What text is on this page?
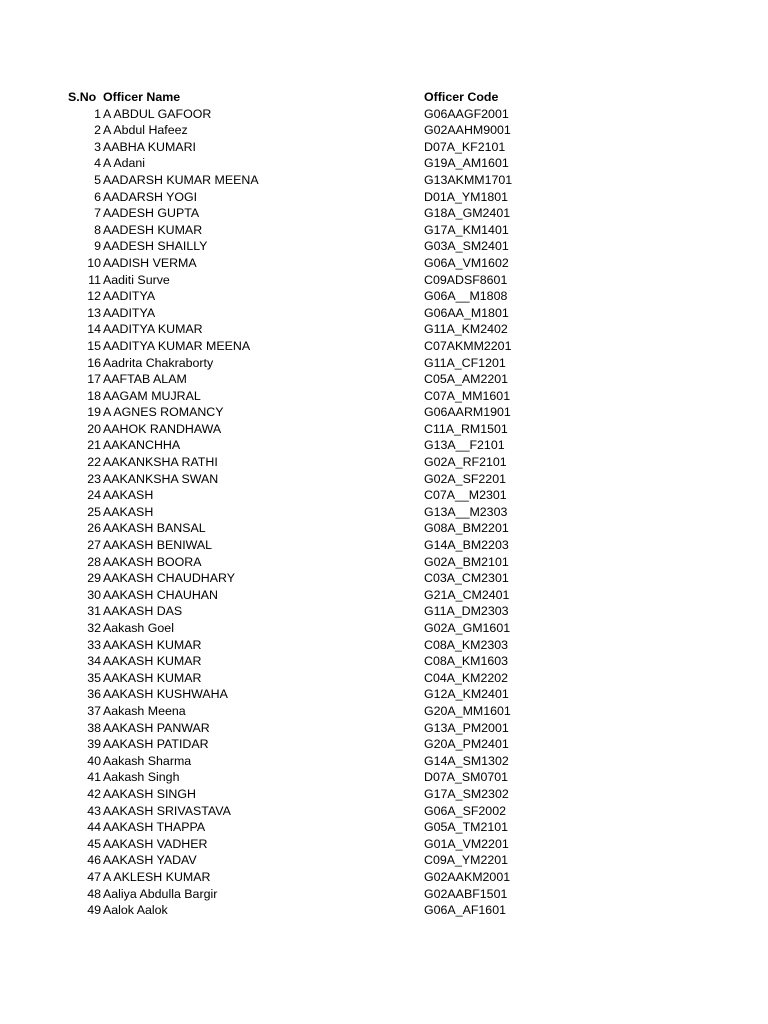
S.No Officer Name	Officer Code
1 A ABDUL GAFOOR	G06AAGF2001
2 A Abdul Hafeez	G02AAHM9001
3 AABHA KUMARI	D07A_KF2101
4 A Adani	G19A_AM1601
5 AADARSH KUMAR MEENA	G13AKMM1701
6 AADARSH YOGI	D01A_YM1801
7 AADESH GUPTA	G18A_GM2401
8 AADESH KUMAR	G17A_KM1401
9 AADESH SHAILLY	G03A_SM2401
10 AADISH VERMA	G06A_VM1602
11 Aaditi Surve	C09ADSF8601
12 AADITYA	G06A__M1808
13 AADITYA	G06AA_M1801
14 AADITYA KUMAR	G11A_KM2402
15 AADITYA KUMAR MEENA	C07AKMM2201
16 Aadrita Chakraborty	G11A_CF1201
17 AAFTAB ALAM	C05A_AM2201
18 AAGAM MUJRAL	C07A_MM1601
19 A AGNES ROMANCY	G06AARM1901
20 AAHOK RANDHAWA	C11A_RM1501
21 AAKANCHHA	G13A__F2101
22 AAKANKSHA RATHI	G02A_RF2101
23 AAKANKSHA SWAN	G02A_SF2201
24 AAKASH	C07A__M2301
25 AAKASH	G13A__M2303
26 AAKASH BANSAL	G08A_BM2201
27 AAKASH BENIWAL	G14A_BM2203
28 AAKASH BOORA	G02A_BM2101
29 AAKASH CHAUDHARY	C03A_CM2301
30 AAKASH CHAUHAN	G21A_CM2401
31 AAKASH DAS	G11A_DM2303
32 Aakash Goel	G02A_GM1601
33 AAKASH KUMAR	C08A_KM2303
34 AAKASH KUMAR	C08A_KM1603
35 AAKASH KUMAR	C04A_KM2202
36 AAKASH KUSHWAHA	G12A_KM2401
37 Aakash Meena	G20A_MM1601
38 AAKASH PANWAR	G13A_PM2001
39 AAKASH PATIDAR	G20A_PM2401
40 Aakash Sharma	G14A_SM1302
41 Aakash Singh	D07A_SM0701
42 AAKASH SINGH	G17A_SM2302
43 AAKASH SRIVASTAVA	G06A_SF2002
44 AAKASH THAPPA	G05A_TM2101
45 AAKASH VADHER	G01A_VM2201
46 AAKASH YADAV	C09A_YM2201
47 A AKLESH KUMAR	G02AAKM2001
48 Aaliya Abdulla Bargir	G02AABF1501
49 Aalok Aalok	G06A_AF1601
